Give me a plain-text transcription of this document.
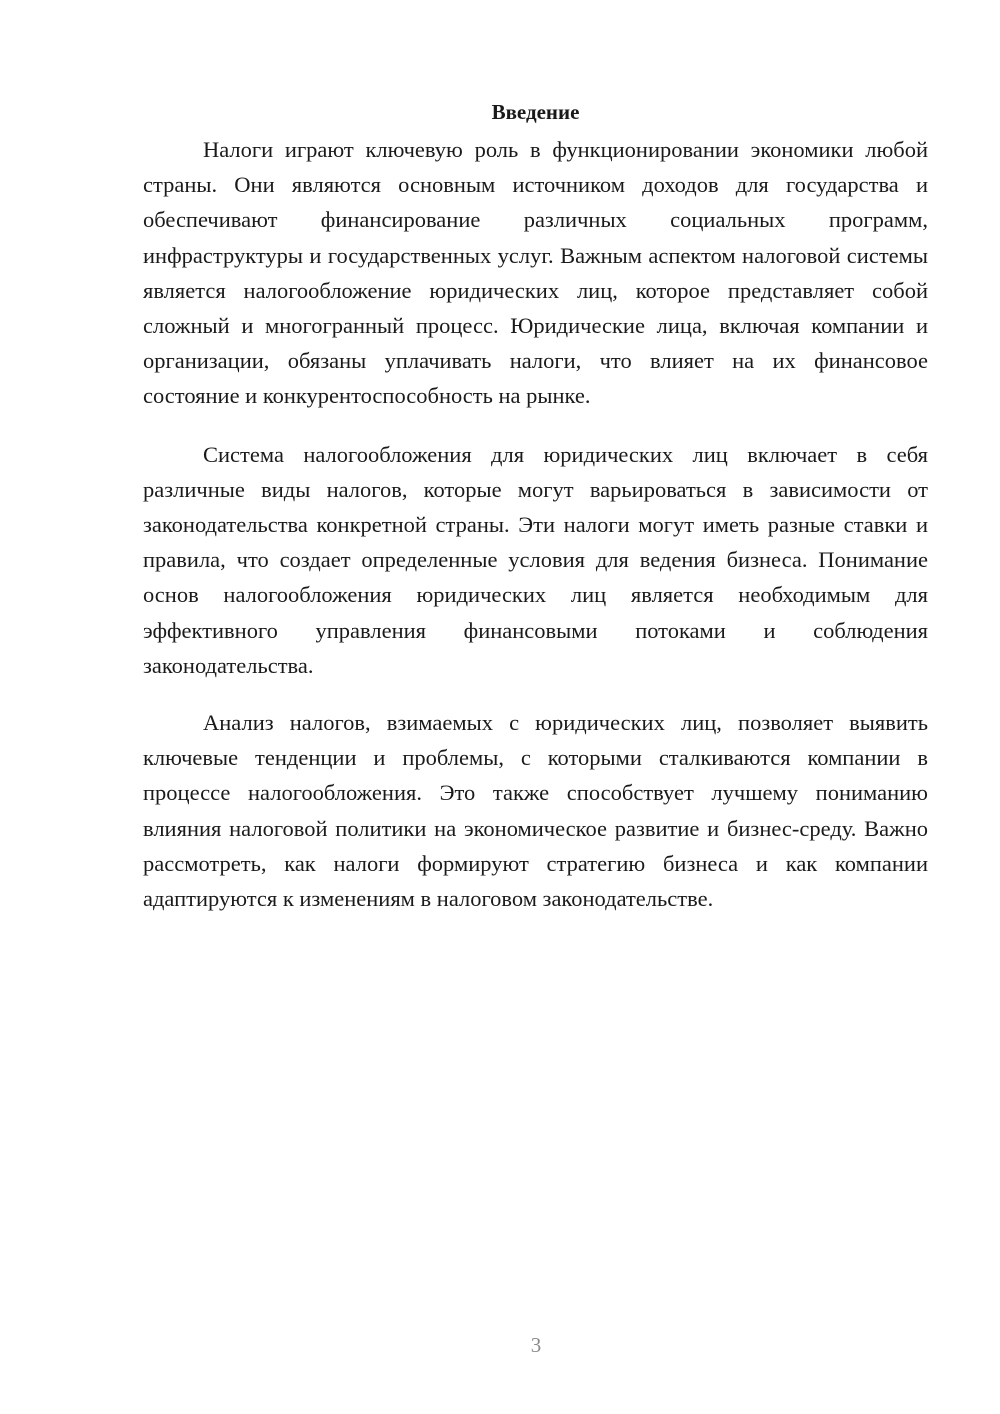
Введение

Налоги играют ключевую роль в функционировании экономики любой страны. Они являются основным источником доходов для государства и обеспечивают финансирование различных социальных программ, инфраструктуры и государственных услуг. Важным аспектом налоговой системы является налогообложение юридических лиц, которое представляет собой сложный и многогранный процесс. Юридические лица, включая компании и организации, обязаны уплачивать налоги, что влияет на их финансовое состояние и конкурентоспособность на рынке.

Система налогообложения для юридических лиц включает в себя различные виды налогов, которые могут варьироваться в зависимости от законодательства конкретной страны. Эти налоги могут иметь разные ставки и правила, что создает определенные условия для ведения бизнеса. Понимание основ налогообложения юридических лиц является необходимым для эффективного управления финансовыми потоками и соблюдения законодательства.

Анализ налогов, взимаемых с юридических лиц, позволяет выявить ключевые тенденции и проблемы, с которыми сталкиваются компании в процессе налогообложения. Это также способствует лучшему пониманию влияния налоговой политики на экономическое развитие и бизнес-среду. Важно рассмотреть, как налоги формируют стратегию бизнеса и как компании адаптируются к изменениям в налоговом законодательстве.

3
